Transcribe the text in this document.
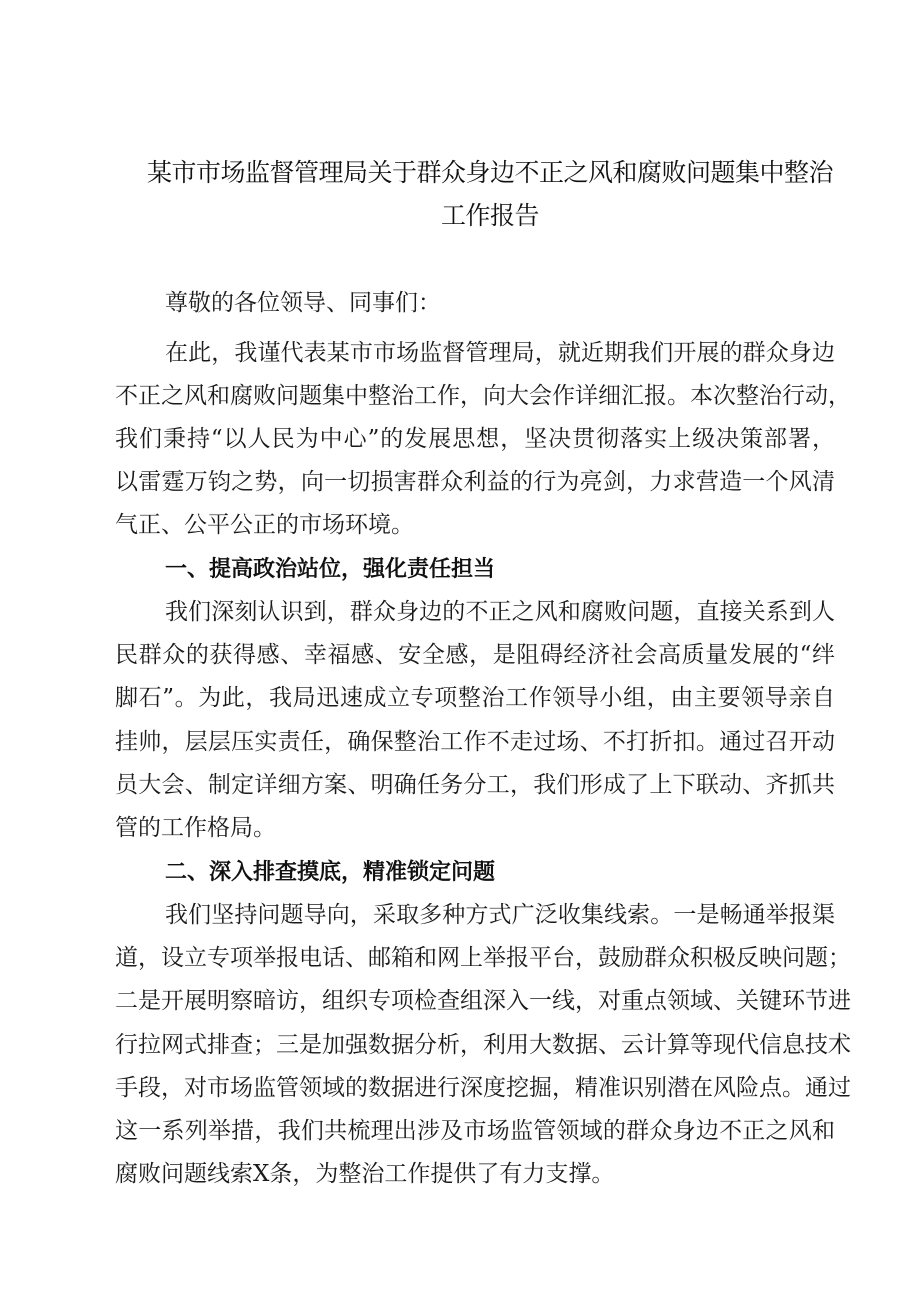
某市市场监督管理局关于群众身边不正之风和腐败问题集中整治
工作报告

尊敬的各位领导、同事们：

在此，我谨代表某市市场监督管理局，就近期我们开展的群众身边

不正之风和腐败问题集中整治工作，向大会作详细汇报。本次整治行动，

我们秉持“以人民为中心”的发展思想，坚决贯彻落实上级决策部署，

以雷霆万钧之势，向一切损害群众利益的行为亮剑，力求营造一个风清

气正、公平公正的市场环境。

一、提高政治站位，强化责任担当

我们深刻认识到，群众身边的不正之风和腐败问题，直接关系到人

民群众的获得感、幸福感、安全感，是阻碍经济社会高质量发展的“绊

脚石”。为此，我局迅速成立专项整治工作领导小组，由主要领导亲自

挂帅，层层压实责任，确保整治工作不走过场、不打折扣。通过召开动

员大会、制定详细方案、明确任务分工，我们形成了上下联动、齐抓共

管的工作格局。

二、深入排查摸底，精准锁定问题

我们坚持问题导向，采取多种方式广泛收集线索。一是畅通举报渠

道，设立专项举报电话、邮箱和网上举报平台，鼓励群众积极反映问题；

二是开展明察暗访，组织专项检查组深入一线，对重点领域、关键环节进

行拉网式排查；三是加强数据分析，利用大数据、云计算等现代信息技术

手段，对市场监管领域的数据进行深度挖掘，精准识别潜在风险点。通过

这一系列举措，我们共梳理出涉及市场监管领域的群众身边不正之风和

腐败问题线索X条，为整治工作提供了有力支撑。
